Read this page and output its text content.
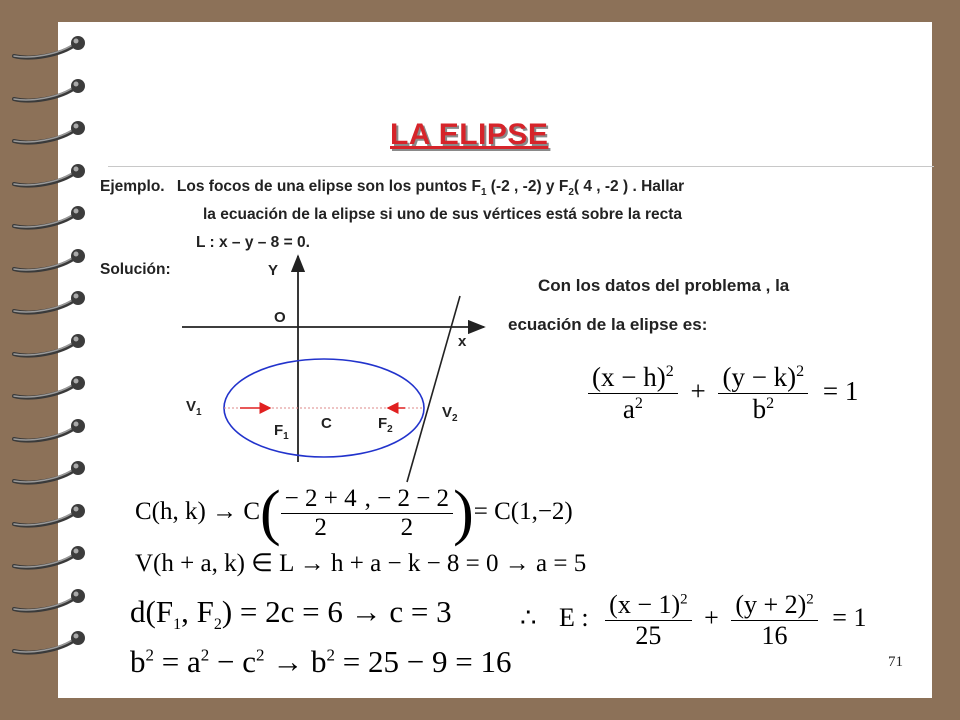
LA ELIPSE
Ejemplo. Los focos de una elipse son los puntos $F_1$ (-2 , -2) y $F_2$( 4 , -2 ) . Hallar
la ecuación de la elipse si uno de sus vértices está sobre la recta
L : x – y – 8 = 0.
Solución:	Y
x
O
$V_1$	$V_2$
$F_1$
$F_2$
C
Con los datos del problema , la
ecuación de la elipse es:
$\frac{(x - h)^2}{a^2} + \frac{(y - k)^2}{b^2} = 1$
C(h, $k) \to C( \frac{- 2 + 4}{2} \frac{, - 2 - 2}{2}$ )= C(1,−2)
V(h + a, k) ∈ L → h + a − k − 8 = 0 → a = 5
$d(F_1$, $F_2) = 2c = 6 \to c = 3$
$b^2 = a^2 - c^2 \to b^2 = 25 - 9 = 16$
∴ E : $\frac{(x - 1)^2}{25} + \frac{(y + 2)^2}{16} = 1$
71
